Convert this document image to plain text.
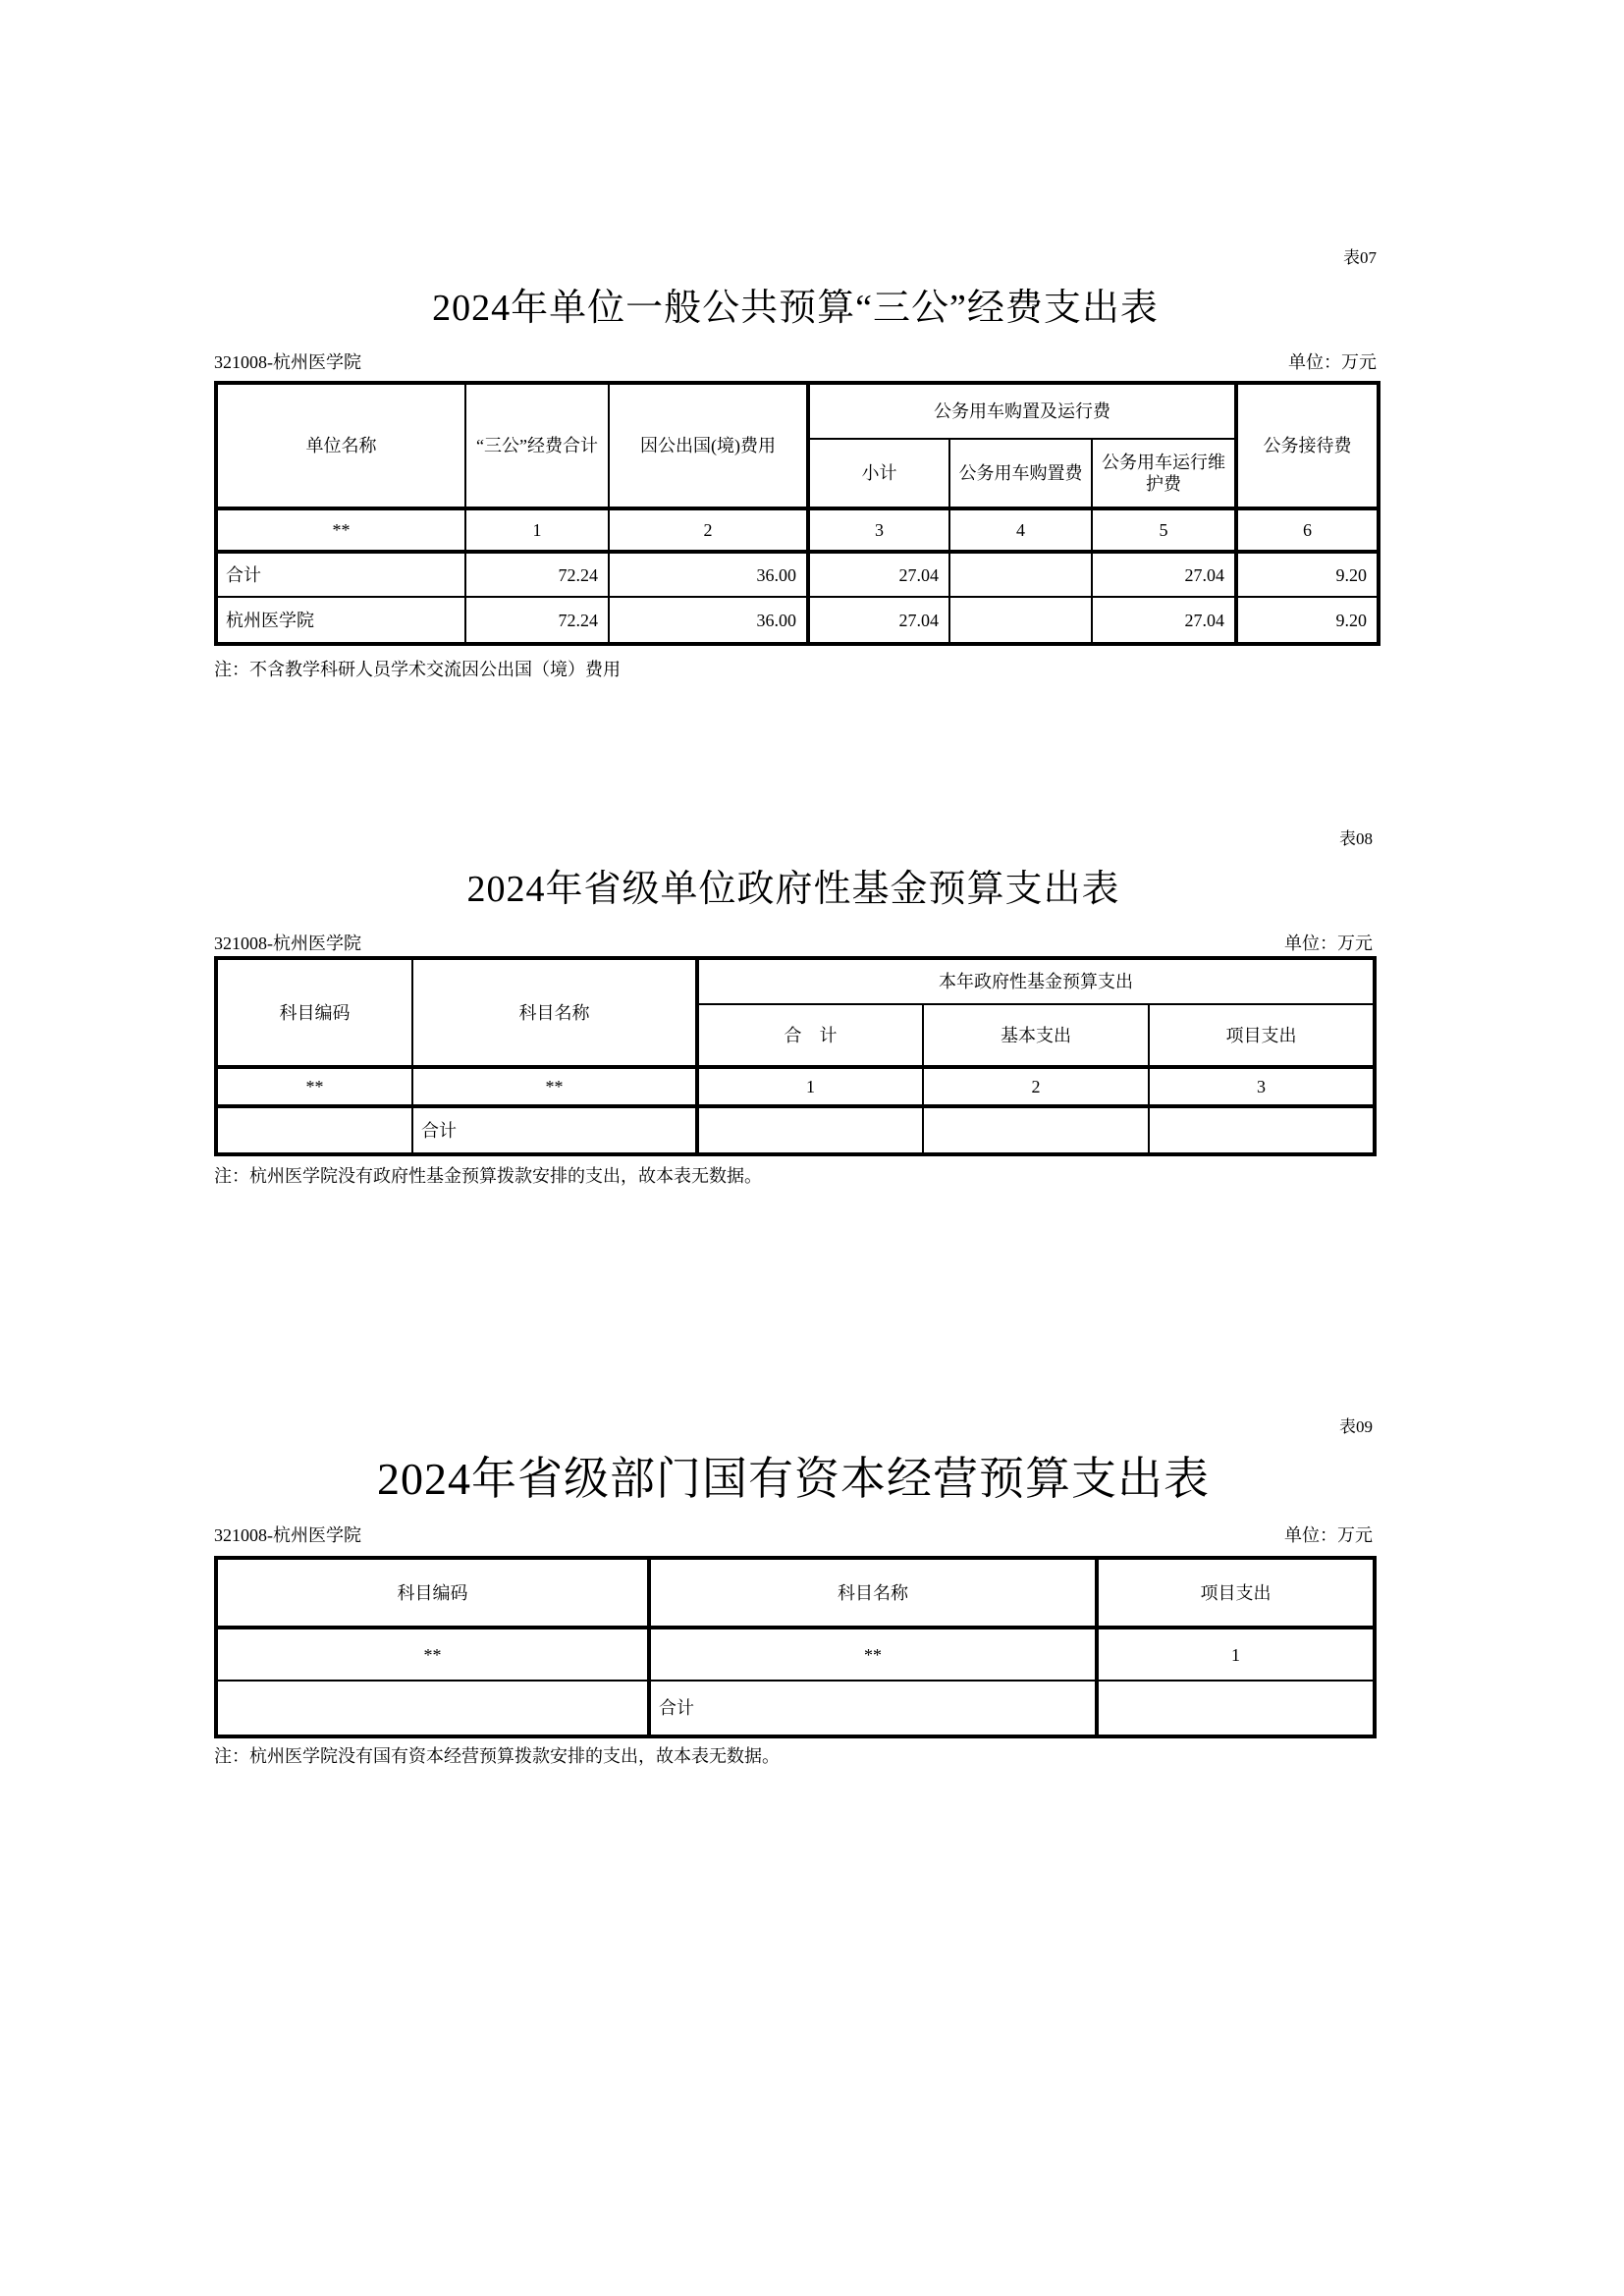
表07
2024年单位一般公共预算“三公”经费支出表
321008-杭州医学院	单位：万元
单位名称	“三公”经费合计	因公出国(境)费用	公务用车购置及运行费			公务接待费
			小计	公务用车购置费	公务用车运行维护费	
**	1	2	3	4	5	6
合计	72.24	36.00	27.04		27.04	9.20
杭州医学院	72.24	36.00	27.04		27.04	9.20
注：不含教学科研人员学术交流因公出国（境）费用
表08
2024年省级单位政府性基金预算支出表
321008-杭州医学院	单位：万元
科目编码	科目名称	本年政府性基金预算支出		
		合　计	基本支出	项目支出
**	**	1	2	3
	合计			
注：杭州医学院没有政府性基金预算拨款安排的支出，故本表无数据。
表09
2024年省级部门国有资本经营预算支出表
321008-杭州医学院	单位：万元
科目编码	科目名称	项目支出
**	**	1
	合计	
注：杭州医学院没有国有资本经营预算拨款安排的支出，故本表无数据。
